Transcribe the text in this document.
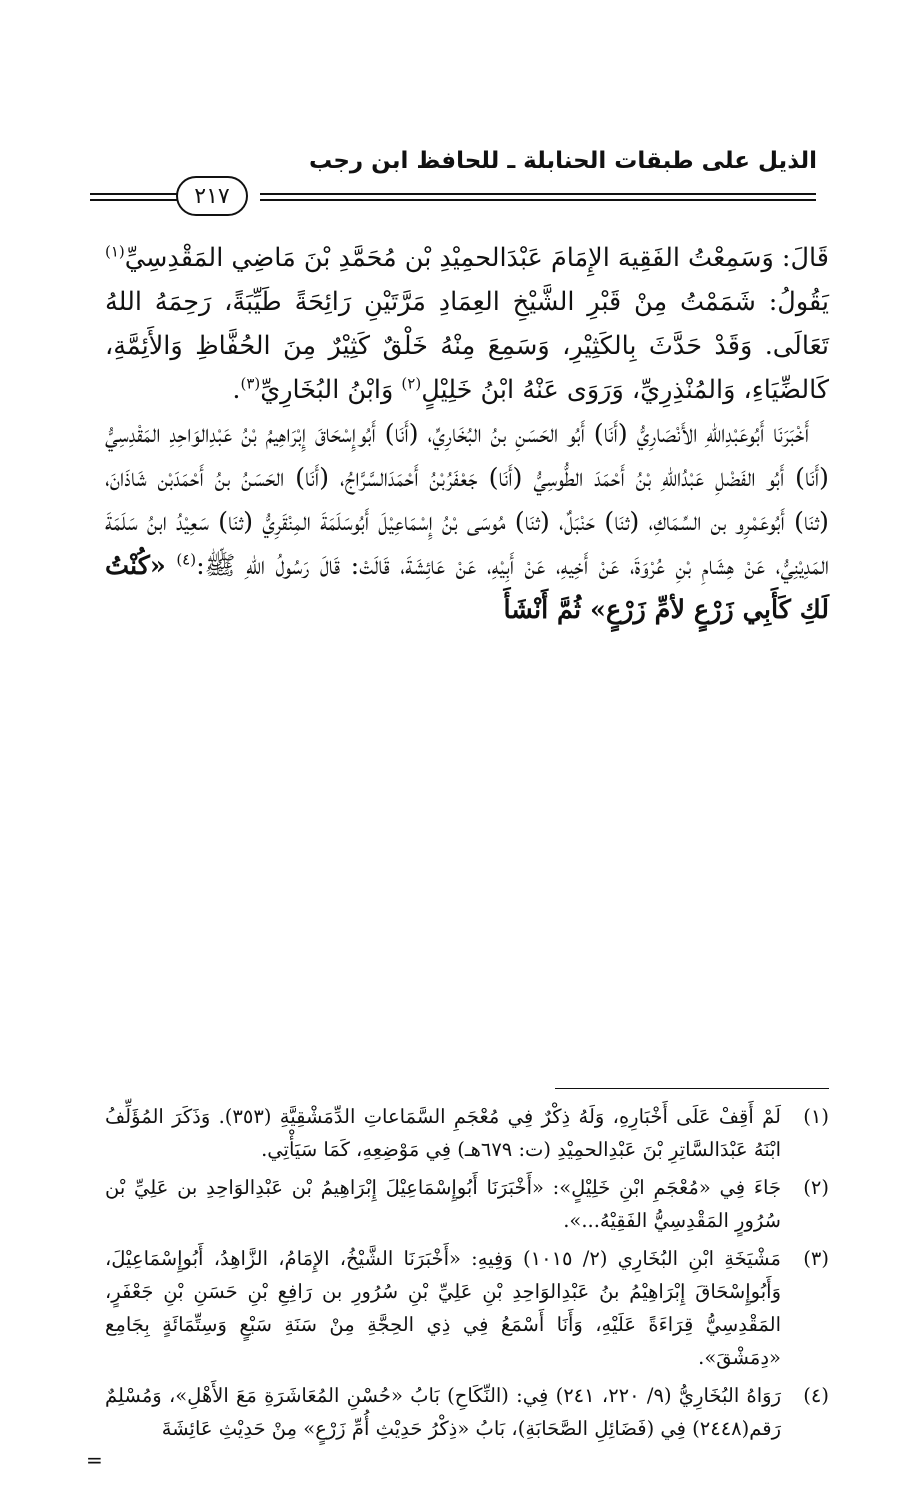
الذيل على طبقات الحنابلة ـ للحافظ ابن رجب
٢١٧

قَالَ: وَسَمِعْتُ الفَقِيهَ الإِمَامَ عَبْدَالحمِيْدِ بْن مُحَمَّدِ بْنَ مَاضِي المَقْدِسِيِّ$^{(١)}$ يَقُولُ: شَمَمْتُ مِنْ قَبْرِ الشَّيْخِ العِمَادِ مَرَّتَيْنِ رَائِحَةً طَيِّبَةً، رَحِمَهُ اللهُ تَعَالَى. وَقَدْ حَدَّثَ بِالكَثِيْرِ، وَسَمِعَ مِنْهُ خَلْقٌ كَثِيْرٌ مِنَ الحُفَّاظِ وَالأَئِمَّةِ، كَالضِّيَاءِ، وَالمُنْذِرِيِّ، وَرَوَى عَنْهُ ابْنُ خَلِيْلٍ$^{(٢)}$ وَابْنُ البُخَارِيِّ$^{(٣)}$.

أَخْبَرَنَا أَبُوعَبْدِاللهِ الأَنْصَارِيُّ (أَنَا) أَبُو الحَسَنِ بنُ البُخَارِيِّ، (أَنَا) أَبُوإِسْحَاقَ إِبْرَاهِيمُ بْنُ عَبْدِالوَاحِدِ المَقْدِسِيُّ (أَنَا) أَبُو الفَضْلِ عَبْدُاللهِ بْنُ أَحْمَدَ الطُّوسِيُّ (أَنَا) جَعْفَرُبْنُ أَحْمَدَالسَّرَّاجُ، (أَنَا) الحَسَنُ بنُ أَحْمَدَبْن شَاذَانَ، (ثنَا) أَبُوعَمْرِو بن السِّمَاكِ، (ثنَا) حَنْبَلٌ، (ثنَا) مُوسَى بْنُ إِسْمَاعِيْلَ أَبُوسَلَمَةَ المِنْقَرِيُّ (ثنَا) سَعِيْدُ ابنُ سَلَمَةَ المَدِيْنِيُّ، عَنْ هِشَامِ بْنِ عُرْوَةَ، عَنْ أَخِيهِ، عَنْ أَبِيْهِ، عَنْ عَائِشَةَ، قَالَتْ: قَالَ رَسُولُ اللهِ ﷺ:$^{(٤)}$ «كُنْتُ لَكِ كَأَبِي زَرْعٍ لأمِّ زَرْعٍ» ثُمَّ أَنْشَأَ

(١)
لَمْ أَقِفْ عَلَى أَخْبَارِهِ، وَلَهُ ذِكْرٌ فِي مُعْجَمِ السَّمَاعاتِ الدِّمَشْقِيَّةِ (٣٥٣). وَذَكَرَ المُؤَلِّفُ ابْنَهُ عَبْدَالسَّاتِرِ بْنَ عَبْدِالحمِيْدِ (ت: ٦٧٩هـ) فِي مَوْضِعِهِ، كَمَا سَيَأْتِي.
(٢)
جَاءَ فِي «مُعْجَمِ ابْنِ خَلِيْلٍ»: «أَخْبَرَنَا أَبُوإِسْمَاعِيْلَ إِبْرَاهِيمُ بْن عَبْدِالوَاحِدِ بن عَلِيِّ بْن سُرُورٍ المَقْدِسِيُّ الفَقِيْهُ...».
(٣)
مَشْيَخَةِ ابْنِ البُخَارِي (٢/ ١٠١٥) وَفِيهِ: «أَخْبَرَنَا الشَّيْخُ، الإِمَامُ، الزَّاهِدُ، أَبُوإِسْمَاعِيْلَ، وَأَبُوإِسْحَاقَ إِبْرَاهِيْمُ بنُ عَبْدِالوَاحِدِ بْنِ عَلِيِّ بْنِ سُرُورِ بن رَافِعِ بْنِ حَسَنِ بْنِ جَعْفَرٍ، المَقْدِسِيُّ قِرَاءَةً عَلَيْهِ، وَأَنَا أَسْمَعُ فِي ذِي الحِجَّةِ مِنْ سَنَةِ سَبْعٍ وَسِتِّمَائَةٍ بِجَامِع «دِمَشْقَ».
(٤)
رَوَاهُ البُخَارِيُّ (٩/ ٢٢٠، ٢٤١) فِي: (النِّكَاحِ) بَابُ «حُسْنِ المُعَاشَرَةِ مَعَ الأَهْلِ»، وَمُسْلِمٌ رَقم(٢٤٤٨) فِي (فَضَائِلِ الصَّحَابَةِ)، بَابُ «ذِكْرُ حَدِيْثِ أُمِّ زَرْعٍ» مِنْ حَدِيْثِ عَائِشَةَ
=
